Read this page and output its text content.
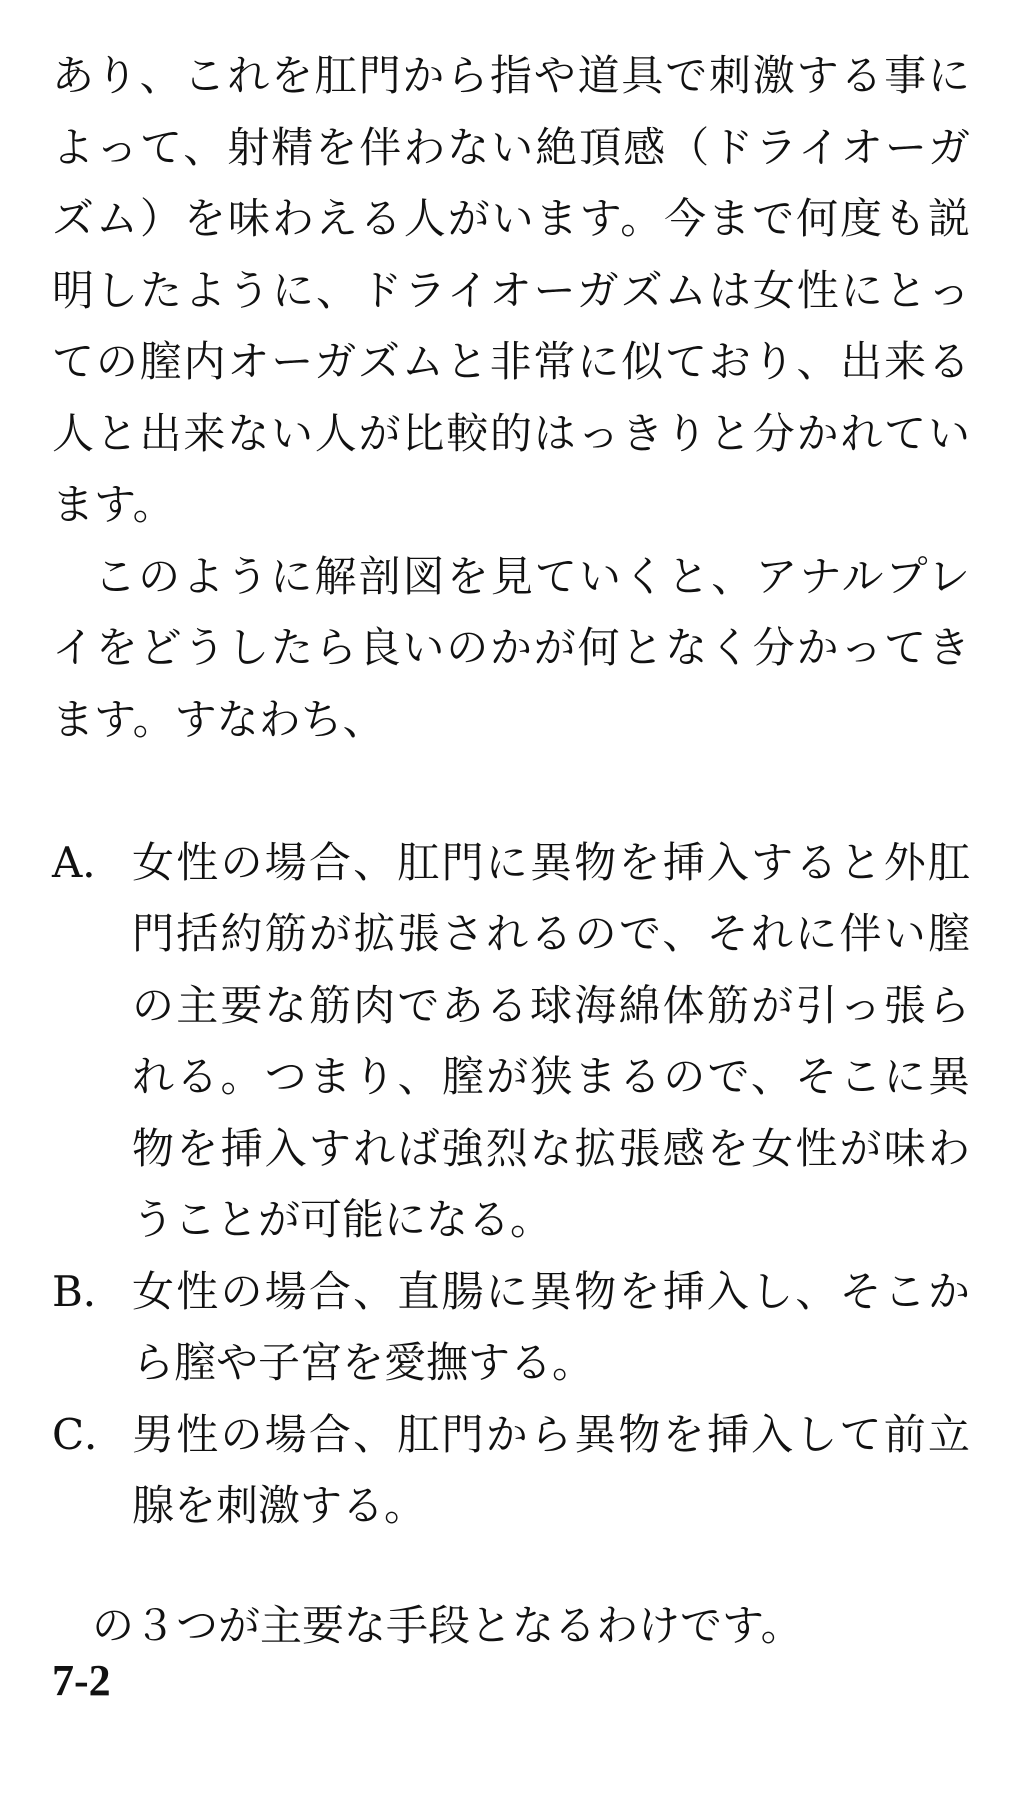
あり、これを肛門から指や道具で刺激する事によって、射精を伴わない絶頂感（ドライオーガズム）を味わえる人がいます。今まで何度も説明したように、ドライオーガズムは女性にとっての膣内オーガズムと非常に似ており、出来る人と出来ない人が比較的はっきりと分かれています。

このように解剖図を見ていくと、アナルプレイをどうしたら良いのかが何となく分かってきます。すなわち、

A． 女性の場合、肛門に異物を挿入すると外肛門括約筋が拡張されるので、それに伴い膣の主要な筋肉である球海綿体筋が引っ張られる。つまり、膣が狭まるので、そこに異物を挿入すれば強烈な拡張感を女性が味わうことが可能になる。
B． 女性の場合、直腸に異物を挿入し、そこから膣や子宮を愛撫する。
C． 男性の場合、肛門から異物を挿入して前立腺を刺激する。

の３つが主要な手段となるわけです。

7-2
